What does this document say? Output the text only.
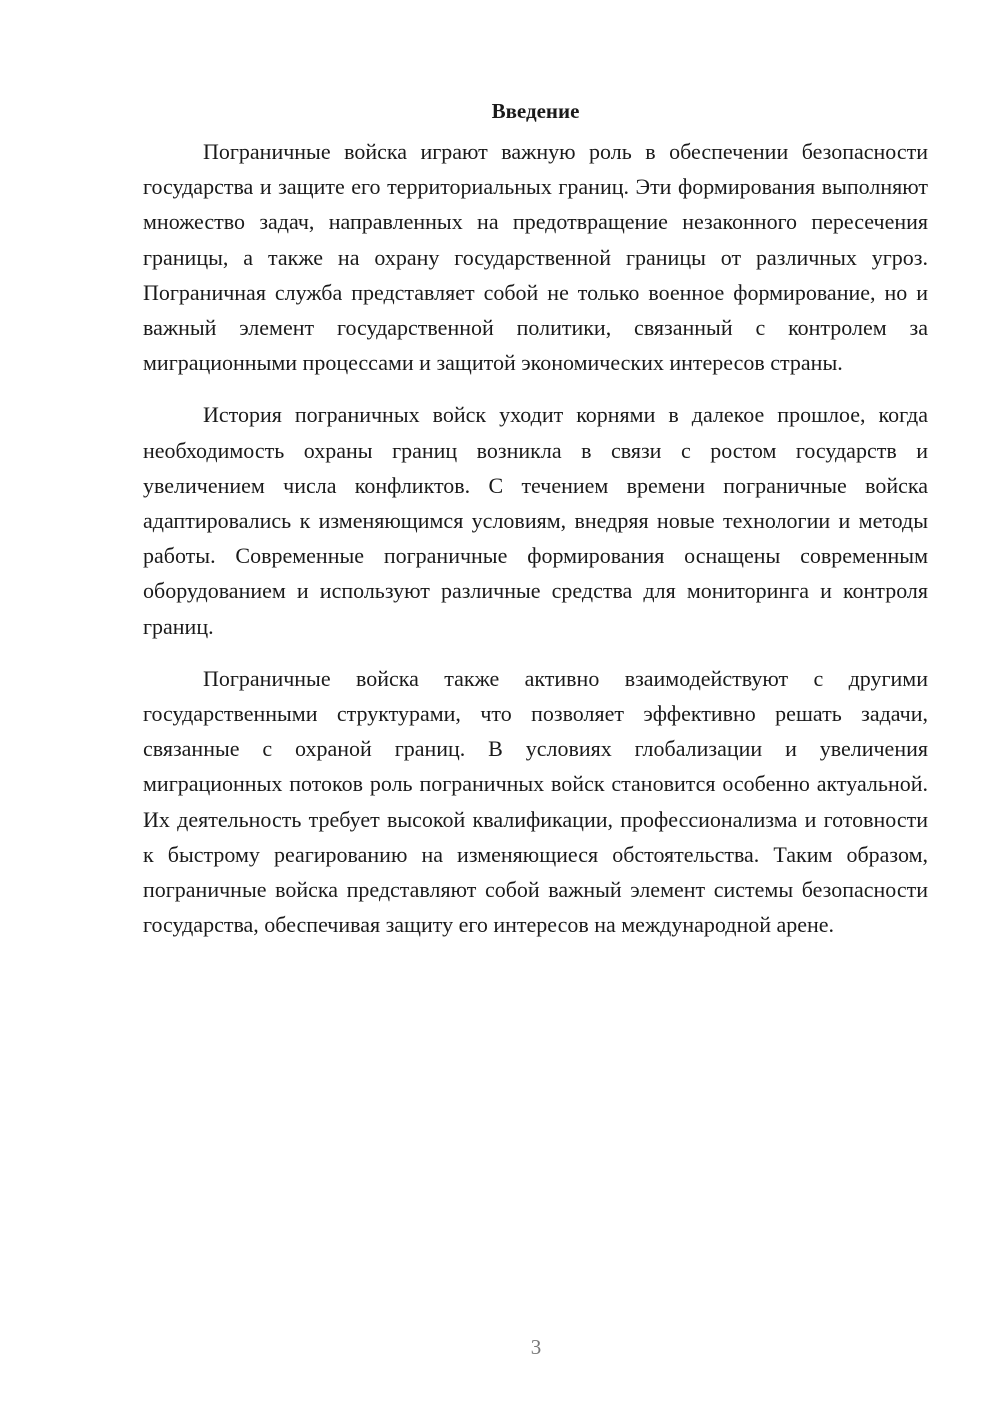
Введение

Пограничные войска играют важную роль в обеспечении безопасности государства и защите его территориальных границ. Эти формирования выполняют множество задач, направленных на предотвращение незаконного пересечения границы, а также на охрану государственной границы от различных угроз. Пограничная служба представляет собой не только военное формирование, но и важный элемент государственной политики, связанный с контролем за миграционными процессами и защитой экономических интересов страны.

История пограничных войск уходит корнями в далекое прошлое, когда необходимость охраны границ возникла в связи с ростом государств и увеличением числа конфликтов. С течением времени пограничные войска адаптировались к изменяющимся условиям, внедряя новые технологии и методы работы. Современные пограничные формирования оснащены современным оборудованием и используют различные средства для мониторинга и контроля границ.

Пограничные войска также активно взаимодействуют с другими государственными структурами, что позволяет эффективно решать задачи, связанные с охраной границ. В условиях глобализации и увеличения миграционных потоков роль пограничных войск становится особенно актуальной. Их деятельность требует высокой квалификации, профессионализма и готовности к быстрому реагированию на изменяющиеся обстоятельства. Таким образом, пограничные войска представляют собой важный элемент системы безопасности государства, обеспечивая защиту его интересов на международной арене.

3
